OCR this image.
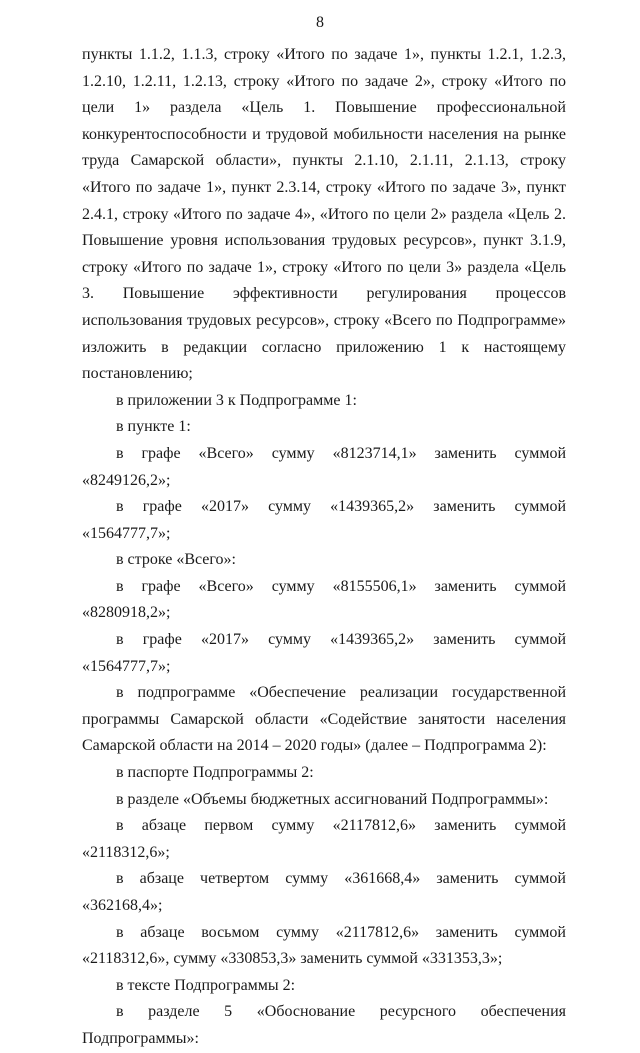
8

пункты 1.1.2, 1.1.3, строку «Итого по задаче 1», пункты 1.2.1, 1.2.3, 1.2.10, 1.2.11, 1.2.13, строку «Итого по задаче 2», строку «Итого по цели 1» раздела «Цель 1. Повышение профессиональной конкурентоспособности и трудовой мобильности населения на рынке труда Самарской области», пункты 2.1.10, 2.1.11, 2.1.13, строку «Итого по задаче 1», пункт 2.3.14, строку «Итого по задаче 3», пункт 2.4.1, строку «Итого по задаче 4», «Итого по цели 2» раздела «Цель 2. Повышение уровня использования трудовых ресурсов», пункт 3.1.9, строку «Итого по задаче 1», строку «Итого по цели 3» раздела «Цель 3. Повышение эффективности регулирования процессов использования трудовых ресурсов», строку «Всего по Подпрограмме» изложить в редакции согласно приложению 1 к настоящему постановлению;

в приложении 3 к Подпрограмме 1:

в пункте 1:

в графе «Всего» сумму «8123714,1» заменить суммой «8249126,2»;

в графе «2017» сумму «1439365,2» заменить суммой «1564777,7»;

в строке «Всего»:

в графе «Всего» сумму «8155506,1» заменить суммой «8280918,2»;

в графе «2017» сумму «1439365,2» заменить суммой «1564777,7»;

в подпрограмме «Обеспечение реализации государственной программы Самарской области «Содействие занятости населения Самарской области на 2014 – 2020 годы» (далее – Подпрограмма 2):

в паспорте Подпрограммы 2:

в разделе «Объемы бюджетных ассигнований Подпрограммы»:

в абзаце первом сумму «2117812,6» заменить суммой «2118312,6»;

в абзаце четвертом сумму «361668,4» заменить суммой «362168,4»;

в абзаце восьмом сумму «2117812,6» заменить суммой «2118312,6», сумму «330853,3» заменить суммой «331353,3»;

в тексте Подпрограммы 2:

в разделе 5 «Обоснование ресурсного обеспечения Подпрограммы»:
